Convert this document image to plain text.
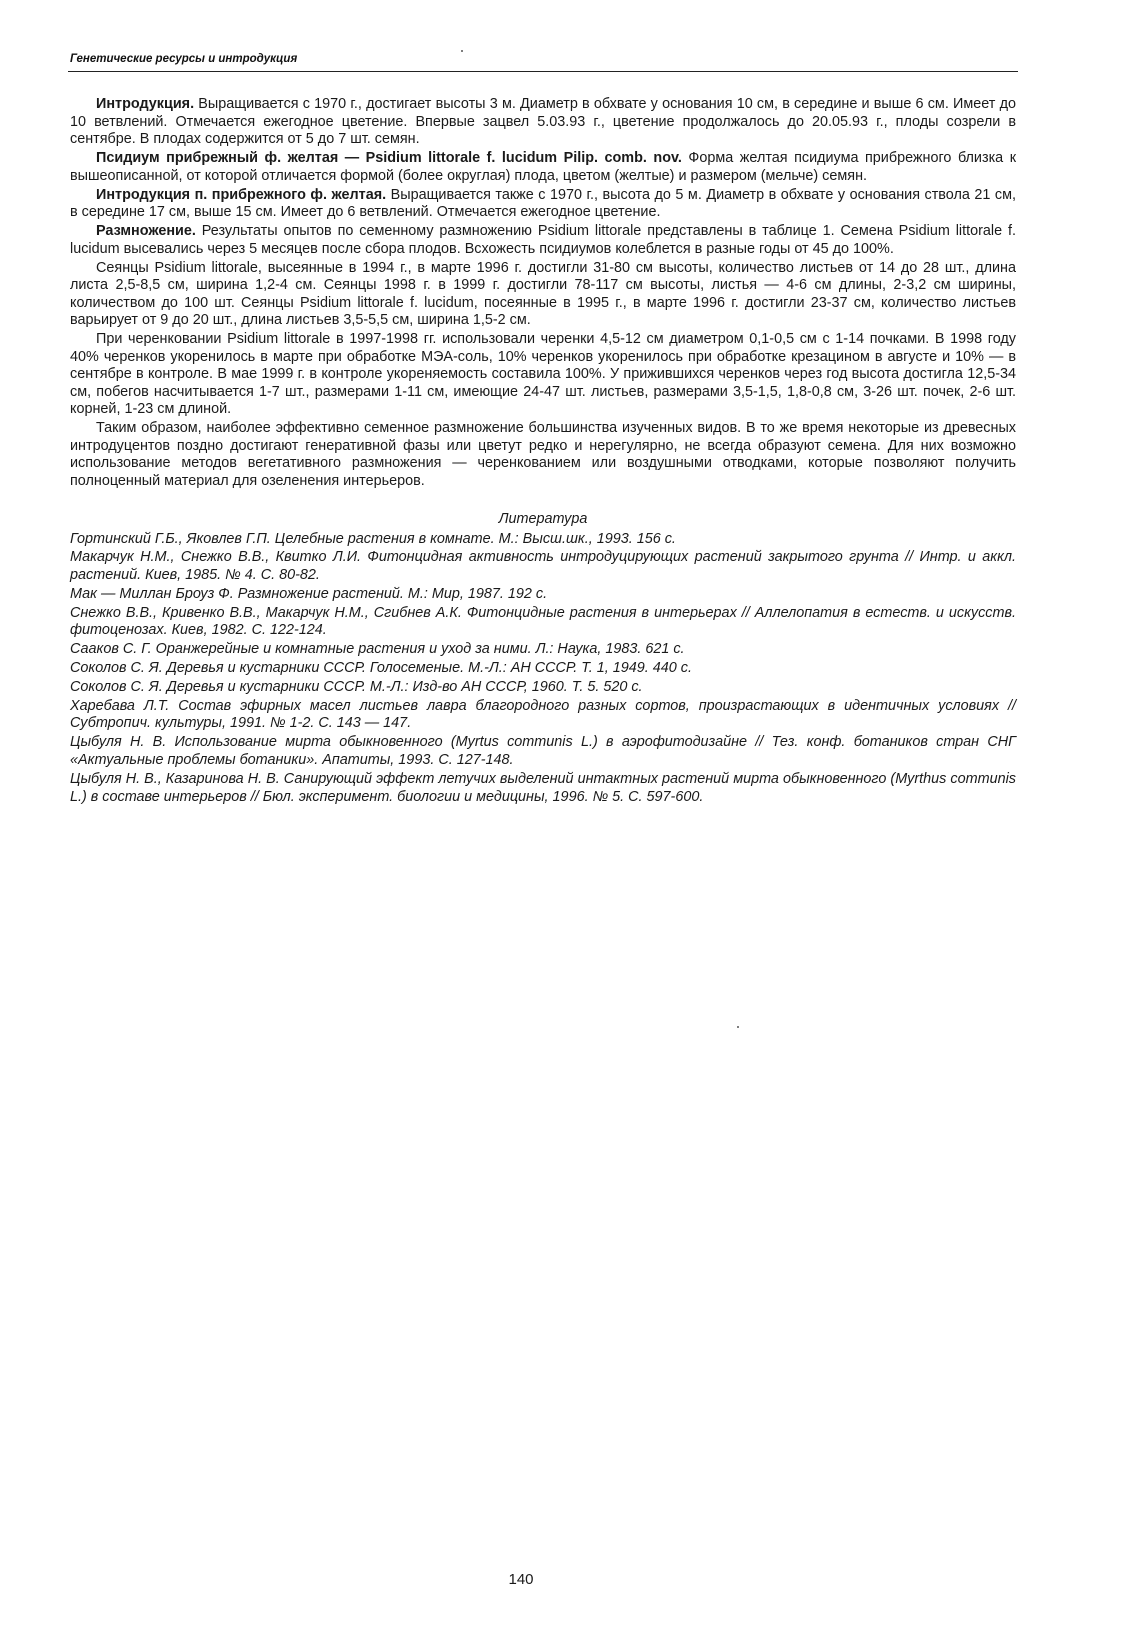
Генетические ресурсы и интродукция

Интродукция. Выращивается с 1970 г., достигает высоты 3 м. Диаметр в обхвате у основания 10 см, в середине и выше 6 см. Имеет до 10 ветвлений. Отмечается ежегодное цветение. Впервые зацвел 5.03.93 г., цветение продолжалось до 20.05.93 г., плоды созрели в сентябре. В плодах содержится от 5 до 7 шт. семян.

Псидиум прибрежный ф. желтая — Psidium littorale f. lucidum Pilip. comb. nov. Форма желтая псидиума прибрежного близка к вышеописанной, от которой отличается формой (более округлая) плода, цветом (желтые) и размером (мельче) семян.

Интродукция п. прибрежного ф. желтая. Выращивается также с 1970 г., высота до 5 м. Диаметр в обхвате у основания ствола 21 см, в середине 17 см, выше 15 см. Имеет до 6 ветвлений. Отмечается ежегодное цветение.

Размножение. Результаты опытов по семенному размножению Psidium littorale представлены в таблице 1. Семена Psidium littorale f. lucidum высевались через 5 месяцев после сбора плодов. Всхожесть псидиумов колеблется в разные годы от 45 до 100%.

Сеянцы Psidium littorale, высеянные в 1994 г., в марте 1996 г. достигли 31-80 см высоты, количество листьев от 14 до 28 шт., длина листа 2,5-8,5 см, ширина 1,2-4 см. Сеянцы 1998 г. в 1999 г. достигли 78-117 см высоты, листья — 4-6 см длины, 2-3,2 см ширины, количеством до 100 шт. Сеянцы Psidium littorale f. lucidum, посеянные в 1995 г., в марте 1996 г. достигли 23-37 см, количество листьев варьирует от 9 до 20 шт., длина листьев 3,5-5,5 см, ширина 1,5-2 см.

При черенковании Psidium littorale в 1997-1998 гг. использовали черенки 4,5-12 см диаметром 0,1-0,5 см с 1-14 почками. В 1998 году 40% черенков укоренилось в марте при обработке МЭА-соль, 10% черенков укоренилось при обработке крезацином в августе и 10% — в сентябре в контроле. В мае 1999 г. в контроле укореняемость составила 100%. У прижившихся черенков через год высота достигла 12,5-34 см, побегов насчитывается 1-7 шт., размерами 1-11 см, имеющие 24-47 шт. листьев, размерами 3,5-1,5, 1,8-0,8 см, 3-26 шт. почек, 2-6 шт. корней, 1-23 см длиной.

Таким образом, наиболее эффективно семенное размножение большинства изученных видов. В то же время некоторые из древесных интродуцентов поздно достигают генеративной фазы или цветут редко и нерегулярно, не всегда образуют семена. Для них возможно использование методов вегетативного размножения — черенкованием или воздушными отводками, которые позволяют получить полноценный материал для озеленения интерьеров.

Литература
Гортинский Г.Б., Яковлев Г.П. Целебные растения в комнате. М.: Высш.шк., 1993. 156 с.
Макарчук Н.М., Снежко В.В., Квитко Л.И. Фитонцидная активность интродуцирующих растений закрытого грунта // Интр. и аккл. растений. Киев, 1985. № 4. С. 80-82.
Мак — Миллан Броуз Ф. Размножение растений. М.: Мир, 1987. 192 с.
Снежко В.В., Кривенко В.В., Макарчук Н.М., Сгибнев А.К. Фитонцидные растения в интерьерах // Аллелопатия в естеств. и искусств. фитоценозах. Киев, 1982. С. 122-124.
Сааков С. Г. Оранжерейные и комнатные растения и уход за ними. Л.: Наука, 1983. 621 с.
Соколов С. Я. Деревья и кустарники СССР. Голосеменые. М.-Л.: АН СССР. Т. 1, 1949. 440 с.
Соколов С. Я. Деревья и кустарники СССР. М.-Л.: Изд-во АН СССР, 1960. Т. 5. 520 с.
Харебава Л.Т. Состав эфирных масел листьев лавра благородного разных сортов, произрастающих в идентичных условиях // Субтропич. культуры, 1991. № 1-2. С. 143 — 147.
Цыбуля Н. В. Использование мирта обыкновенного (Myrtus communis L.) в аэрофитодизайне // Тез. конф. ботаников стран СНГ «Актуальные проблемы ботаники». Апатиты, 1993. С. 127-148.
Цыбуля Н. В., Казаринова Н. В. Санирующий эффект летучих выделений интактных растений мирта обыкновенного (Myrthus communis L.) в составе интерьеров // Бюл. эксперимент. биологии и медицины, 1996. № 5. С. 597-600.
140
